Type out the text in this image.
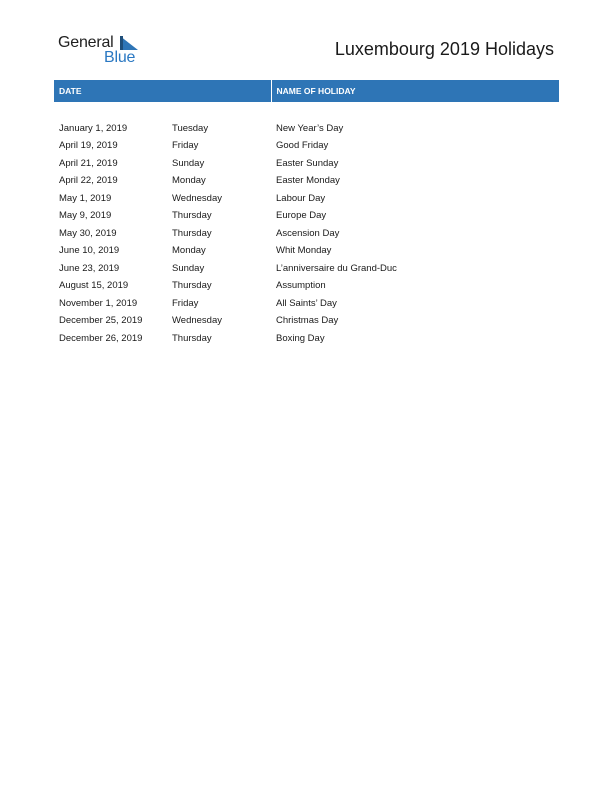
General
Blue	Luxembourg 2019 Holidays
DATE		NAME OF HOLIDAY

January 1, 2019	Tuesday	New Year’s Day
April 19, 2019	Friday	Good Friday
April 21, 2019	Sunday	Easter Sunday
April 22, 2019	Monday	Easter Monday
May 1, 2019	Wednesday	Labour Day
May 9, 2019	Thursday	Europe Day
May 30, 2019	Thursday	Ascension Day
June 10, 2019	Monday	Whit Monday
June 23, 2019	Sunday	L’anniversaire du Grand-Duc
August 15, 2019	Thursday	Assumption
November 1, 2019	Friday	All Saints’ Day
December 25, 2019	Wednesday	Christmas Day
December 26, 2019	Thursday	Boxing Day
